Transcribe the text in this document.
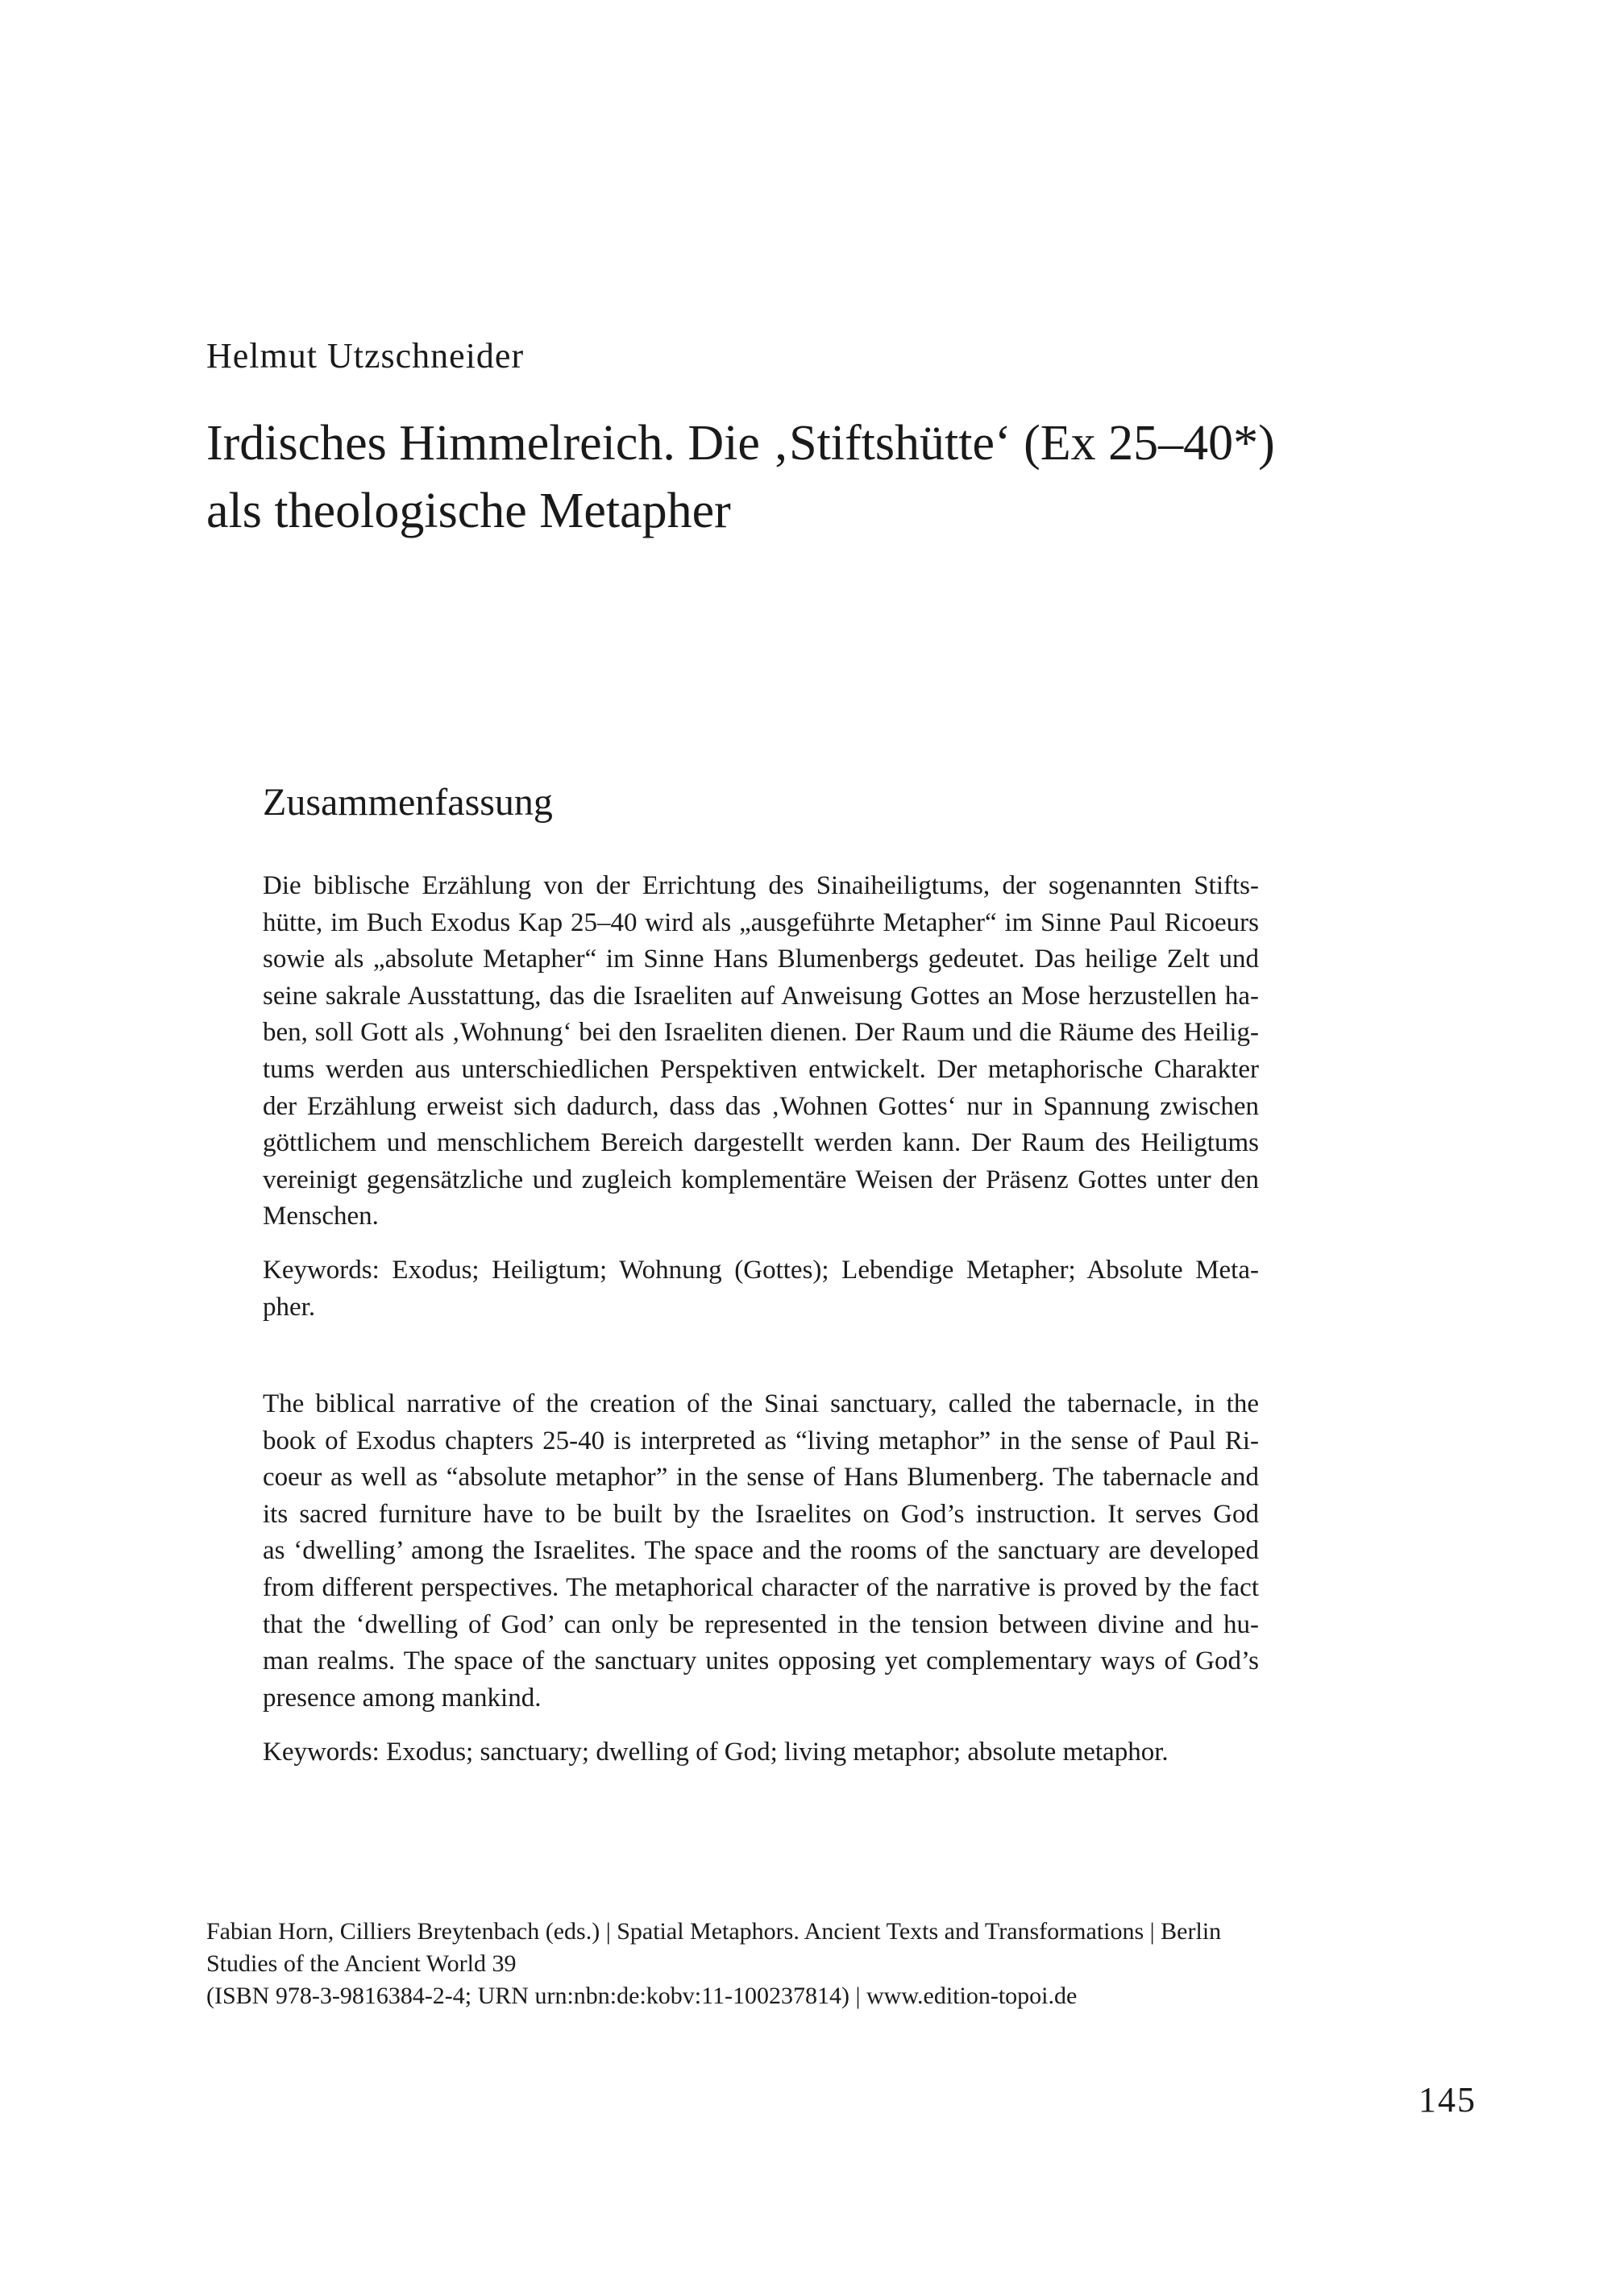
Helmut Utzschneider
Irdisches Himmelreich. Die ‚Stiftshütte‘ (Ex 25–40*)
als theologische Metapher
Zusammenfassung
Die biblische Erzählung von der Errichtung des Sinaiheiligtums, der sogenannten Stifts-
hütte, im Buch Exodus Kap 25–40 wird als „ausgeführte Metapher“ im Sinne Paul Ricoeurs
sowie als „absolute Metapher“ im Sinne Hans Blumenbergs gedeutet. Das heilige Zelt und
seine sakrale Ausstattung, das die Israeliten auf Anweisung Gottes an Mose herzustellen ha-
ben, soll Gott als ‚Wohnung‘ bei den Israeliten dienen. Der Raum und die Räume des Heilig-
tums werden aus unterschiedlichen Perspektiven entwickelt. Der metaphorische Charakter
der Erzählung erweist sich dadurch, dass das ‚Wohnen Gottes‘ nur in Spannung zwischen
göttlichem und menschlichem Bereich dargestellt werden kann. Der Raum des Heiligtums
vereinigt gegensätzliche und zugleich komplementäre Weisen der Präsenz Gottes unter den
Menschen.
Keywords: Exodus; Heiligtum; Wohnung (Gottes); Lebendige Metapher; Absolute Meta-
pher.
The biblical narrative of the creation of the Sinai sanctuary, called the tabernacle, in the
book of Exodus chapters 25-40 is interpreted as “living metaphor” in the sense of Paul Ri-
coeur as well as “absolute metaphor” in the sense of Hans Blumenberg. The tabernacle and
its sacred furniture have to be built by the Israelites on God’s instruction. It serves God
as ‘dwelling’ among the Israelites. The space and the rooms of the sanctuary are developed
from different perspectives. The metaphorical character of the narrative is proved by the fact
that the ‘dwelling of God’ can only be represented in the tension between divine and hu-
man realms. The space of the sanctuary unites opposing yet complementary ways of God’s
presence among mankind.
Keywords: Exodus; sanctuary; dwelling of God; living metaphor; absolute metaphor.
Fabian Horn, Cilliers Breytenbach (eds.) | Spatial Metaphors. Ancient Texts and Transformations | Berlin
Studies of the Ancient World 39
(ISBN 978-3-9816384-2-4; URN urn:nbn:de:kobv:11-100237814) | www.edition-topoi.de
145
